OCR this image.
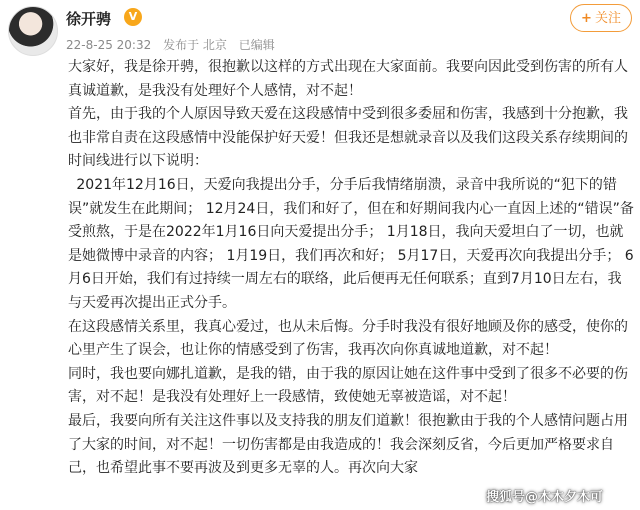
徐开骋	V
22-8-25 20:32 发布于 北京 已编辑
+ 关注

大家好，我是徐开骋，很抱歉以这样的方式出现在大家面前。我要向因此受到伤害的所有人真诚道歉，是我没有处理好个人感情，对不起！

首先，由于我的个人原因导致天爱在这段感情中受到很多委屈和伤害，我感到十分抱歉，我也非常自责在这段感情中没能保护好天爱！但我还是想就录音以及我们这段关系存续期间的时间线进行以下说明：

2021年12月16日，天爱向我提出分手，分手后我情绪崩溃，录音中我所说的“犯下的错误”就发生在此期间； 12月24日，我们和好了，但在和好期间我内心一直因上述的“错误”备受煎熬，于是在2022年1月16日向天爱提出分手； 1月18日，我向天爱坦白了一切，也就是她微博中录音的内容； 1月19日，我们再次和好； 5月17日，天爱再次向我提出分手； 6月6日开始，我们有过持续一周左右的联络，此后便再无任何联系；直到7月10日左右，我与天爱再次提出正式分手。

在这段感情关系里，我真心爱过，也从未后悔。分手时我没有很好地顾及你的感受，使你的心里产生了误会，也让你的情感受到了伤害，我再次向你真诚地道歉，对不起！

同时，我也要向娜扎道歉，是我的错，由于我的原因让她在这件事中受到了很多不必要的伤害，对不起！是我没有处理好上一段感情，致使她无辜被造谣，对不起！

最后，我要向所有关注这件事以及支持我的朋友们道歉！很抱歉由于我的个人感情问题占用了大家的时间，对不起！一切伤害都是由我造成的！我会深刻反省，今后更加严格要求自己，也希望此事不要再波及到更多无辜的人。再次向大家

搜狐号@木木夕木可
